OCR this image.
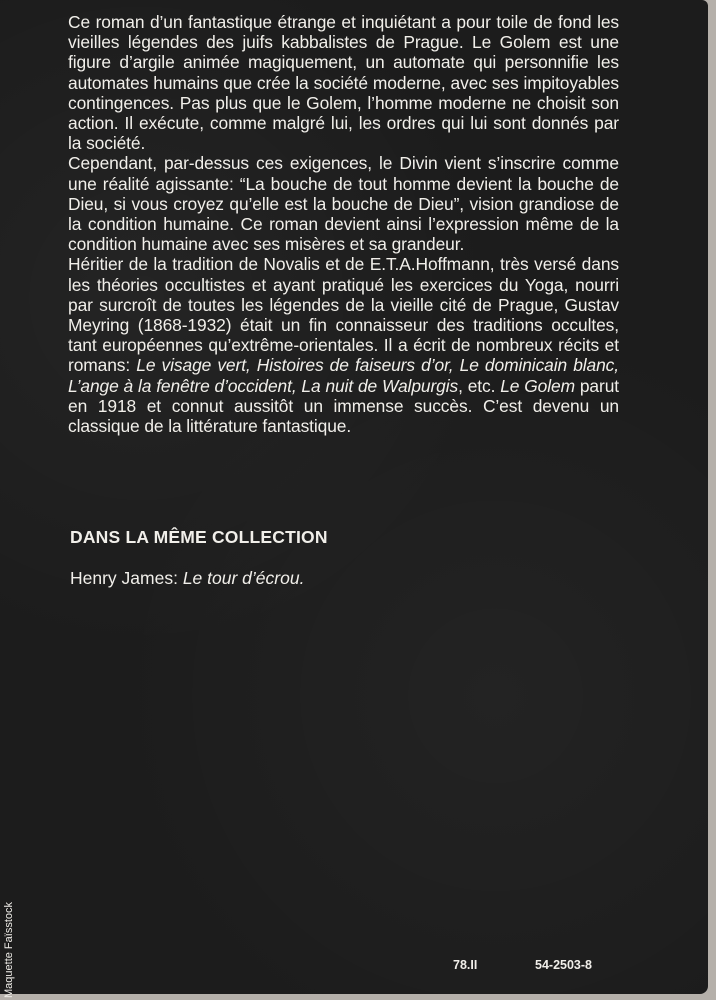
Ce roman d’un fantastique étrange et inquiétant a pour toile de fond les vieilles légendes des juifs kabbalistes de Prague. Le Golem est une figure d’argile animée magiquement, un automate qui personnifie les automates humains que crée la société moderne, avec ses impitoyables contingences. Pas plus que le Golem, l’homme moderne ne choisit son action. Il exécute, comme malgré lui, les ordres qui lui sont donnés par la société.

Cependant, par-dessus ces exigences, le Divin vient s’inscrire comme une réalité agissante: “La bouche de tout homme devient la bouche de Dieu, si vous croyez qu’elle est la bouche de Dieu”, vision grandiose de la condition humaine. Ce roman devient ainsi l’expression même de la condition humaine avec ses misères et sa grandeur.

Héritier de la tradition de Novalis et de E.T.A.Hoffmann, très versé dans les théories occultistes et ayant pratiqué les exercices du Yoga, nourri par surcroît de toutes les légendes de la vieille cité de Prague, Gustav Meyring (1868-1932) était un fin connaisseur des traditions occultes, tant européennes qu’extrême-orientales. Il a écrit de nombreux récits et romans: Le visage vert, Histoires de faiseurs d’or, Le dominicain blanc, L’ange à la fenêtre d’occident, La nuit de Walpurgis, etc. Le Golem parut en 1918 et connut aussitôt un immense succès. C’est devenu un classique de la littérature fantastique.

DANS LA MÊME COLLECTION

Henry James: Le tour d’écrou.

Maquette Faïsstock	78.II	54-2503-8
